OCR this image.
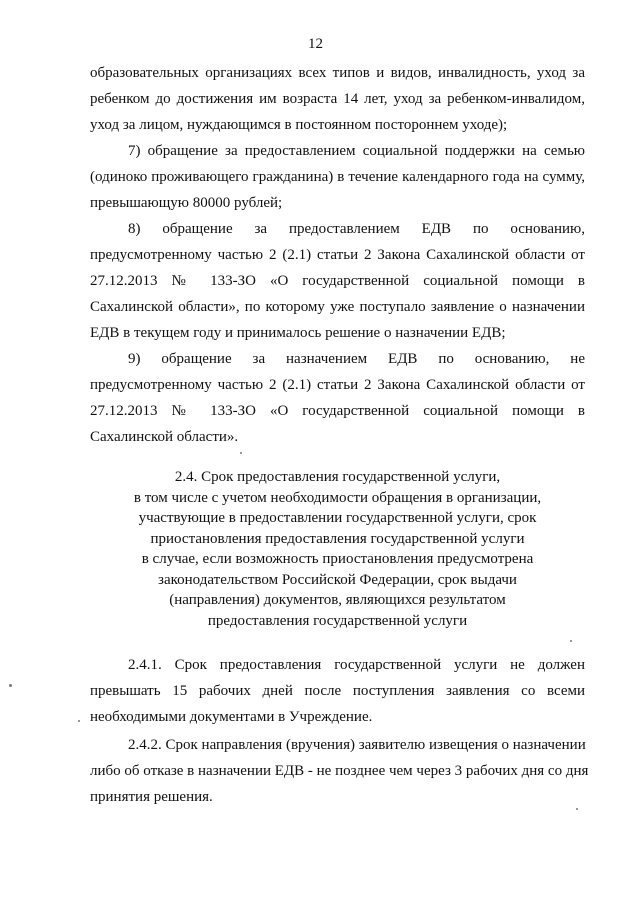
12
образовательных организациях всех типов и видов, инвалидность, уход за
ребенком до достижения им возраста 14 лет, уход за ребенком-инвалидом,
уход за лицом, нуждающимся в постоянном постороннем уходе);
7) обращение за предоставлением социальной поддержки на семью
(одиноко проживающего гражданина) в течение календарного года на сумму,
превышающую 80000 рублей;
8) обращение за предоставлением ЕДВ по основанию,
предусмотренному частью 2 (2.1) статьи 2 Закона Сахалинской области от
27.12.2013 № 133-ЗО «О государственной социальной помощи в
Сахалинской области», по которому уже поступало заявление о назначении
ЕДВ в текущем году и принималось решение о назначении ЕДВ;
9) обращение за назначением ЕДВ по основанию, не
предусмотренному частью 2 (2.1) статьи 2 Закона Сахалинской области от
27.12.2013 № 133-ЗО «О государственной социальной помощи в
Сахалинской области».
2.4. Срок предоставления государственной услуги,
в том числе с учетом необходимости обращения в организации,
участвующие в предоставлении государственной услуги, срок
приостановления предоставления государственной услуги
в случае, если возможность приостановления предусмотрена
законодательством Российской Федерации, срок выдачи
(направления) документов, являющихся результатом
предоставления государственной услуги
2.4.1. Срок предоставления государственной услуги не должен
превышать 15 рабочих дней после поступления заявления со всеми
необходимыми документами в Учреждение.
2.4.2. Срок направления (вручения) заявителю извещения о назначении
либо об отказе в назначении ЕДВ - не позднее чем через 3 рабочих дня со дня
принятия решения.
